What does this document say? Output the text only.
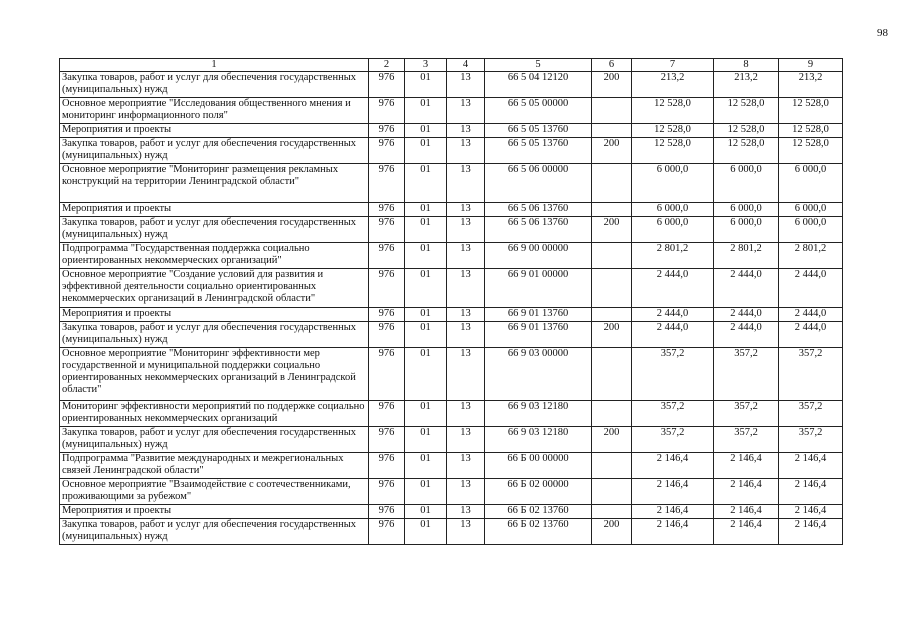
98
1	2	3	4	5	6	7	8	9
Закупка товаров, работ и услуг для обеспечения государственных (муниципальных) нужд	976	01	13	66 5 04 12120	200	213,2	213,2	213,2
Основное мероприятие "Исследования общественного мнения и мониторинг информационного поля"	976	01	13	66 5 05 00000		12 528,0	12 528,0	12 528,0
Мероприятия и проекты	976	01	13	66 5 05 13760		12 528,0	12 528,0	12 528,0
Закупка товаров, работ и услуг для обеспечения государственных (муниципальных) нужд	976	01	13	66 5 05 13760	200	12 528,0	12 528,0	12 528,0
Основное мероприятие "Мониторинг размещения рекламных конструкций на территории Ленинградской области"	976	01	13	66 5 06 00000		6 000,0	6 000,0	6 000,0
Мероприятия и проекты	976	01	13	66 5 06 13760		6 000,0	6 000,0	6 000,0
Закупка товаров, работ и услуг для обеспечения государственных (муниципальных) нужд	976	01	13	66 5 06 13760	200	6 000,0	6 000,0	6 000,0
Подпрограмма "Государственная поддержка социально ориентированных некоммерческих организаций"	976	01	13	66 9 00 00000		2 801,2	2 801,2	2 801,2
Основное мероприятие "Создание условий для развития и эффективной деятельности социально ориентированных некоммерческих организаций в Ленинградской области"	976	01	13	66 9 01 00000		2 444,0	2 444,0	2 444,0
Мероприятия и проекты	976	01	13	66 9 01 13760		2 444,0	2 444,0	2 444,0
Закупка товаров, работ и услуг для обеспечения государственных (муниципальных) нужд	976	01	13	66 9 01 13760	200	2 444,0	2 444,0	2 444,0
Основное мероприятие "Мониторинг эффективности мер государственной и муниципальной поддержки социально ориентированных некоммерческих организаций в Ленинградской области"	976	01	13	66 9 03 00000		357,2	357,2	357,2
Мониторинг эффективности мероприятий по поддержке социально ориентированных некоммерческих организаций	976	01	13	66 9 03 12180		357,2	357,2	357,2
Закупка товаров, работ и услуг для обеспечения государственных (муниципальных) нужд	976	01	13	66 9 03 12180	200	357,2	357,2	357,2
Подпрограмма "Развитие международных и межрегиональных связей Ленинградской области"	976	01	13	66 Б 00 00000		2 146,4	2 146,4	2 146,4
Основное мероприятие "Взаимодействие с соотечественниками, проживающими за рубежом"	976	01	13	66 Б 02 00000		2 146,4	2 146,4	2 146,4
Мероприятия и проекты	976	01	13	66 Б 02 13760		2 146,4	2 146,4	2 146,4
Закупка товаров, работ и услуг для обеспечения государственных (муниципальных) нужд	976	01	13	66 Б 02 13760	200	2 146,4	2 146,4	2 146,4
